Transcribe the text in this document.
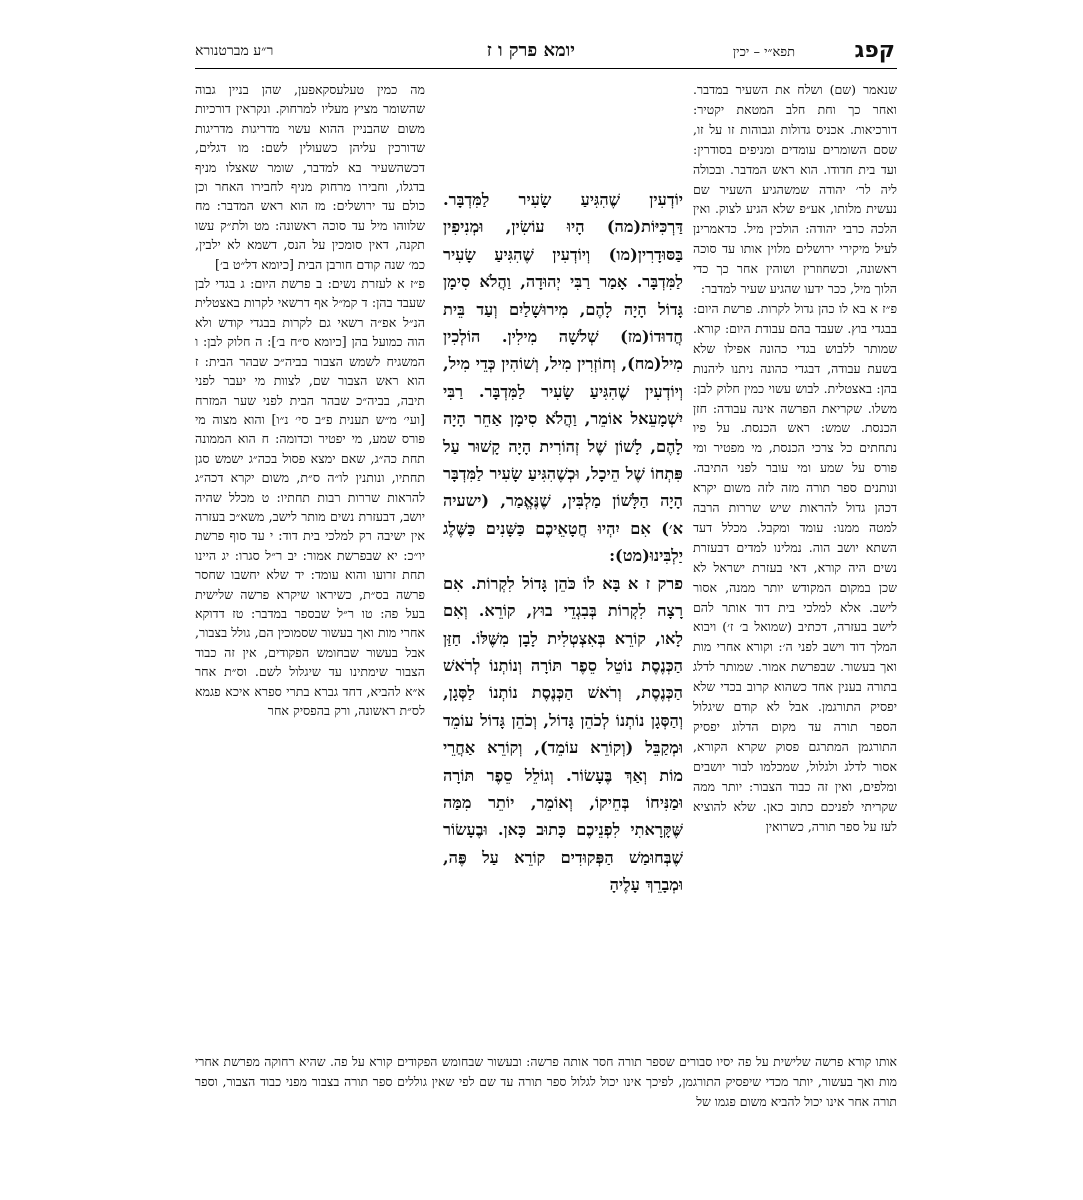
קפג
תפא״י – יכין
יומא פרק ו ז
ר״ע מברטנורא

שנאמר (שם) ושלח את השעיר במדבר. ואחר כך וחת חלב המטאת יקטיר: דורכיאות. אכניס גדולות וגבוהות זו על זו, שסם השומרים עומדים ומניפים בסודרין: ועד בית חדודו. הוא ראש המדבר. ובכולה ליה לר׳ יהודה שמשהגיע השעיר שם נעשית מלותו, אע״פ שלא הגיע לצוק. ואין הלכה כרבי יהודה: הולכין מיל. כדאמרינן לעיל מיקירי ירושלים מלוין אותו עד סוכה ראשונה, וכשחוזרין ושוהין אחר כך כדי הלוך מיל, ככר ידעו שהגיע שעיר למדבר:

פ״ז א בא לו כהן גדול לקרות. פרשת היום: בבגדי בוץ. שעבד בהם עבודת היום: קורא. שמותר ללבוש בגדי כהונה אפילו שלא בשעת עבודה, דבגדי כהונה ניתנו ליהנות בהן: באצטלית. לבוש עשוי כמין חלוק לבן: משלו. שקריאת הפרשה אינה עבודה: חזן הכנסת. שמש: ראש הכנסת. על פיו נתחתים כל צרכי הכנסת, מי מפטיר ומי פורס על שמע ומי עובר לפני התיבה. ונותנים ספר תורה מזה לזה משום יקרא דכהן גדול להראות שיש שררות הרבה למטה ממנו: עומד ומקבל. מכלל דעד השתא יושב הוה. נמלינו למדים דבעזרת נשים היה קורא, דאי בעזרת ישראל לא שכן במקום המקודש יותר ממנה, אסור לישב. אלא למלכי בית דוד אותר להם לישב בעזרה, דכתיב (שמואל ב׳ ז׳) ויבוא המלך דוד וישב לפני ה׳: וקורא אחרי מות ואך בעשור. שבפרשת אמור. שמותר לדלג בתורה בענין אחד כשהוא קרוב בכדי שלא יפסיק התורגמן. אבל לא קודם שיגלול הספר תורה עד מקום הדלוג יפסיק התורגמן המתרגם פסוק שקרא הקורא, אסור לדלג ולגלול, שמכלמו לבור יושבים ומלפים, ואין זה כבוד הצבור: יותר ממה שקריתי לפניכם כתוב כאן. שלא להוציא לעז על ספר תורה, כשרואין

יוֹדְעִין שֶׁהִגִּיעַ שָׂעִיר לַמִּדְבָּר. דַּרְכִּיּוֹת(מה) הָיוּ עוֹשִׂין, וּמְנִיפִין בַּסּוּדָרִין(מו) וְיוֹדְעִין שֶׁהִגִּיעַ שָׂעִיר לַמִּדְבָּר. אָמַר רַבִּי יְהוּדָה, וַהֲלֹא סִימָן גָּדוֹל הָיָה לָהֶם, מִירוּשָׁלַיִם וְעַד בֵּית חֲדוּדוֹ(מז) שְׁלֹשָׁה מִילִין. הוֹלְכִין מִיל(מח), וְחוֹזְרִין מִיל, וְשׁוֹהִין כְּדֵי מִיל, וְיוֹדְעִין שֶׁהִגִּיעַ שָׂעִיר לַמִּדְבָּר. רַבִּי יִשְׁמָעֵאל אוֹמֵר, וַהֲלֹא סִימָן אַחֵר הָיָה לָהֶם, לָשׁוֹן שֶׁל זְהוֹרִית הָיָה קָשׁוּר עַל פִּתְחוֹ שֶׁל הֵיכָל, וּכְשֶׁהִגִּיעַ שָׂעִיר לַמִּדְבָּר הָיָה הַלָּשׁוֹן מַלְבִּין, שֶׁנֶּאֱמַר, (ישעיה א׳) אִם יִהְיוּ חֲטָאֵיכֶם כַּשָּׁנִים כַּשֶּׁלֶג יַלְבִּינוּ(מט):

פרק ז א בָּא לוֹ כֹּהֵן גָּדוֹל לִקְרוֹת. אִם רָצָה לִקְרוֹת בְּבִגְדֵי בוּץ, קוֹרֵא. וְאִם לָאו, קוֹרֵא בְּאִצְטְלִית לָבָן מִשֶּׁלּוֹ. חַזַּן הַכְּנֶסֶת נוֹטֵל סֵפֶר תּוֹרָה וְנוֹתְנוֹ לְרֹאשׁ הַכְּנֶסֶת, וְרֹאשׁ הַכְּנֶסֶת נוֹתְנוֹ לַסְּגָן, וְהַסְּגָן נוֹתְנוֹ לְכֹהֵן גָּדוֹל, וְכֹהֵן גָּדוֹל עוֹמֵד וּמְקַבֵּל (וְקוֹרֵא עוֹמֵד), וְקוֹרֵא אַחֲרֵי מוֹת וְאַךְ בֶּעָשׂוֹר. וְגוֹלֵל סֵפֶר תּוֹרָה וּמַנִּיחוֹ בְּחֵיקוֹ, וְאוֹמֵר, יוֹתֵר מִמַּה שֶּׁקָּרָאתִי לִפְנֵיכֶם כָּתוּב כָּאן. וּבֶעָשׂוֹר שֶׁבְּחוּמַשׁ הַפְּקוּדִים קוֹרֵא עַל פֶּה, וּמְבָרֵךְ עָלֶיהָ

מה כמין טעלעסקאפען, שהן בניין גבוה שהשומר מציץ מעליו למרחוק. ונקראין דורכיות משום שהבניין ההוא עשוי מדריגות מדריגות שדורכין עליהן כשעולין לשם: מו דגלים, דכשהשעיר בא למדבר, שומר שאצלו מניף בדגלו, וחבירו מרחוק מניף לחבירו האחר וכן כולם עד ירושלים: מז הוא ראש המדבר: מח שלווהו מיל עד סוכה ראשונה: מט ולת״ק עשו תקנה, דאין סומכין על הנס, דשמא לא ילבין, כמ׳ שנה קודם חורבן הבית [כיומא דל״ט ב׳]

פ״ז א לעזרת נשים: ב פרשת היום: ג בגדי לבן שעבד בהן: ד קמ״ל אף דרשאי לקרות באצטלית הנ״ל אפ״ה רשאי גם לקרות בבגדי קודש ולא הוה כמועל בהן [כיומא ס״ח ב׳]: ה חלוק לבן: ו המשגיח לשמש הצבור בביה״כ שבהר הבית: ז הוא ראש הצבור שם, לצוות מי יעבר לפני תיבה, בביה״כ שבהר הבית לפני שער המזרח [ועי׳ מ״ש תענית פ״ב סי׳ נ״ו] והוא מצוה מי פורס שמע, מי יפטיר וכדומה: ח הוא הממונה תחת כה״ג, שאם ימצא פסול בכה״ג ישמש סגן תחתיו, ונותנין לו״ה ס״ת, משום יקרא דכה״ג להראות שררות רבות תחתיו: ט מכלל שהיה יושב, דבעזרת נשים מותר לישב, משא״כ בעזרה אין ישיבה רק למלכי בית דוד: י עד סוף פרשת יו״כ: יא שבפרשת אמור: יב ר״ל סגרו: יג היינו תחת זרועו והוא עומד: יד שלא יחשבו שחסר פרשה בס״ת, כשיראו שיקרא פרשה שלישית בעל פה: טו ר״ל שבספר במדבר: טז דדוקא אחרי מות ואך בעשור שסמוכין הם, גולל בצבור, אבל בעשור שבחומש הפקודים, אין זה כבוד הצבור שימתינו עד שיגלול לשם. וס״ת אחר א״א להביא, דחד גברא בתרי ספרא איכא פגמא לס״ת ראשונה, ורק בהפסיק אחר

אותו קורא פרשה שלישית על פה יסיו סבורים שספר תורה חסר אותה פרשה: ובעשור שבחומש הפקודים קורא על פה. שהיא רחוקה מפרשת אחרי מות ואך בעשור, יותר מכדי שיפסיק התורגמן, לפיכך אינו יכול לגלול ספר תורה עד שם לפי שאין גוללים ספר תורה בצבור מפני כבוד הצבור, וספר תורה אחר אינו יכול להביא משום פגמו של
